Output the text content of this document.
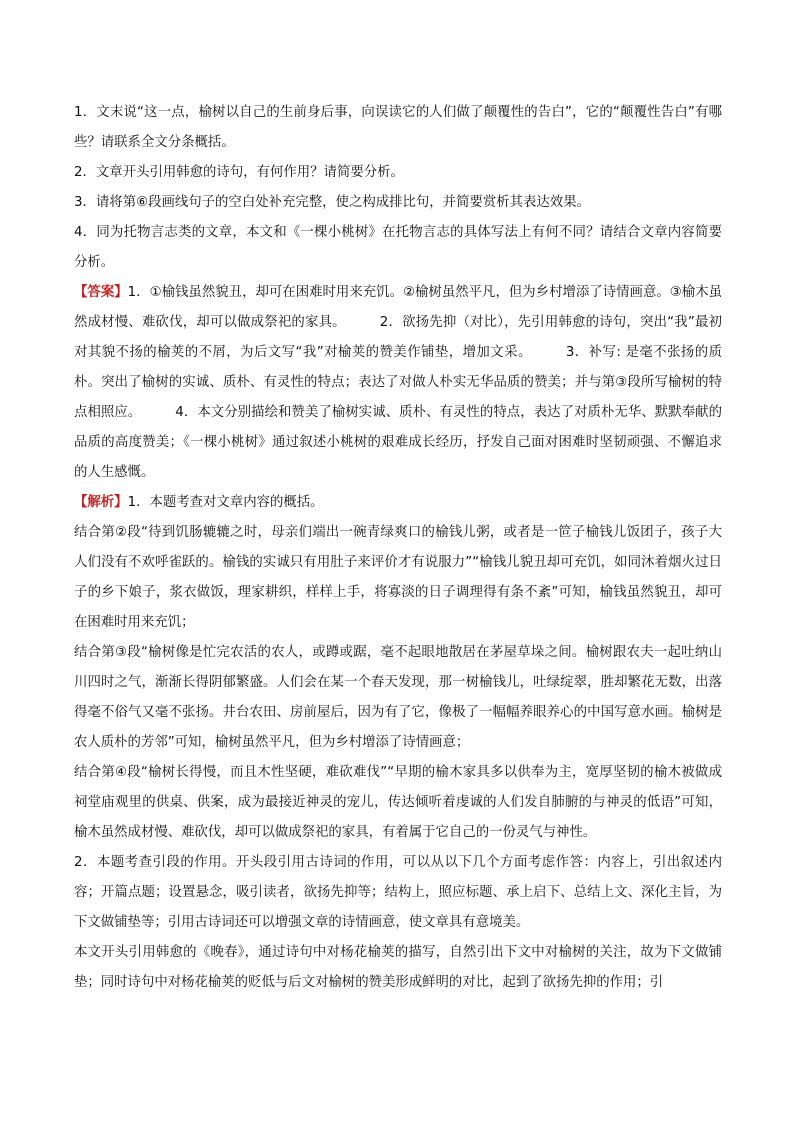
1．文末说“这一点，榆树以自己的生前身后事，向误读它的人们做了颠覆性的告白”，它的“颠覆性告白”有哪些？请联系全文分条概括。

2．文章开头引用韩愈的诗句，有何作用？请简要分析。

3．请将第⑥段画线句子的空白处补充完整，使之构成排比句，并简要赏析其表达效果。

4．同为托物言志类的文章，本文和《一棵小桃树》在托物言志的具体写法上有何不同？请结合文章内容简要分析。

【答案】1．①榆钱虽然貌丑，却可在困难时用来充饥。②榆树虽然平凡，但为乡村增添了诗情画意。③榆木虽然成材慢、难砍伐，却可以做成祭祀的家具。	2．欲扬先抑（对比），先引用韩愈的诗句，突出“我”最初对其貌不扬的榆荚的不屑，为后文写“我”对榆荚的赞美作铺垫，增加文采。	3．补写: 是毫不张扬的质朴。突出了榆树的实诚、质朴、有灵性的特点；表达了对做人朴实无华品质的赞美；并与第③段所写榆树的特点相照应。	4．本文分别描绘和赞美了榆树实诚、质朴、有灵性的特点，表达了对质朴无华、默默奉献的品质的高度赞美；《一棵小桃树》通过叙述小桃树的艰难成长经历，抒发自己面对困难时坚韧顽强、不懈追求的人生感慨。

【解析】1．本题考查对文章内容的概括。

结合第②段“待到饥肠辘辘之时，母亲们端出一碗青绿爽口的榆钱儿粥，或者是一笸子榆钱儿饭团子，孩子大人们没有不欢呼雀跃的。榆钱的实诚只有用肚子来评价才有说服力”“榆钱儿貌丑却可充饥，如同沐着烟火过日子的乡下娘子，浆衣做饭，理家耕织，样样上手，将寡淡的日子调理得有条不紊”可知，榆钱虽然貌丑，却可在困难时用来充饥；

结合第③段“榆树像是忙完农活的农人，或蹲或踞，毫不起眼地散居在茅屋草垛之间。榆树跟农夫一起吐纳山川四时之气，渐渐长得阴郁繁盛。人们会在某一个春天发现，那一树榆钱儿，吐绿绽翠，胜却繁花无数，出落得毫不俗气又毫不张扬。井台农田、房前屋后，因为有了它，像极了一幅幅养眼养心的中国写意水画。榆树是农人质朴的芳邻”可知，榆树虽然平凡，但为乡村增添了诗情画意；

结合第④段“榆树长得慢，而且木性坚硬，难砍难伐”“早期的榆木家具多以供奉为主，宽厚坚韧的榆木被做成祠堂庙观里的供桌、供案，成为最接近神灵的宠儿，传达倾听着虔诚的人们发自肺腑的与神灵的低语”可知，榆木虽然成材慢、难砍伐，却可以做成祭祀的家具，有着属于它自己的一份灵气与神性。

2．本题考查引段的作用。开头段引用古诗词的作用，可以从以下几个方面考虑作答：内容上，引出叙述内容；开篇点题；设置悬念，吸引读者，欲扬先抑等；结构上，照应标题、承上启下、总结上文、深化主旨，为下文做铺垫等；引用古诗词还可以增强文章的诗情画意，使文章具有意境美。

本文开头引用韩愈的《晚春》，通过诗句中对杨花榆荚的描写，自然引出下文中对榆树的关注，故为下文做铺垫；同时诗句中对杨花榆荚的贬低与后文对榆树的赞美形成鲜明的对比，起到了欲扬先抑的作用；引
